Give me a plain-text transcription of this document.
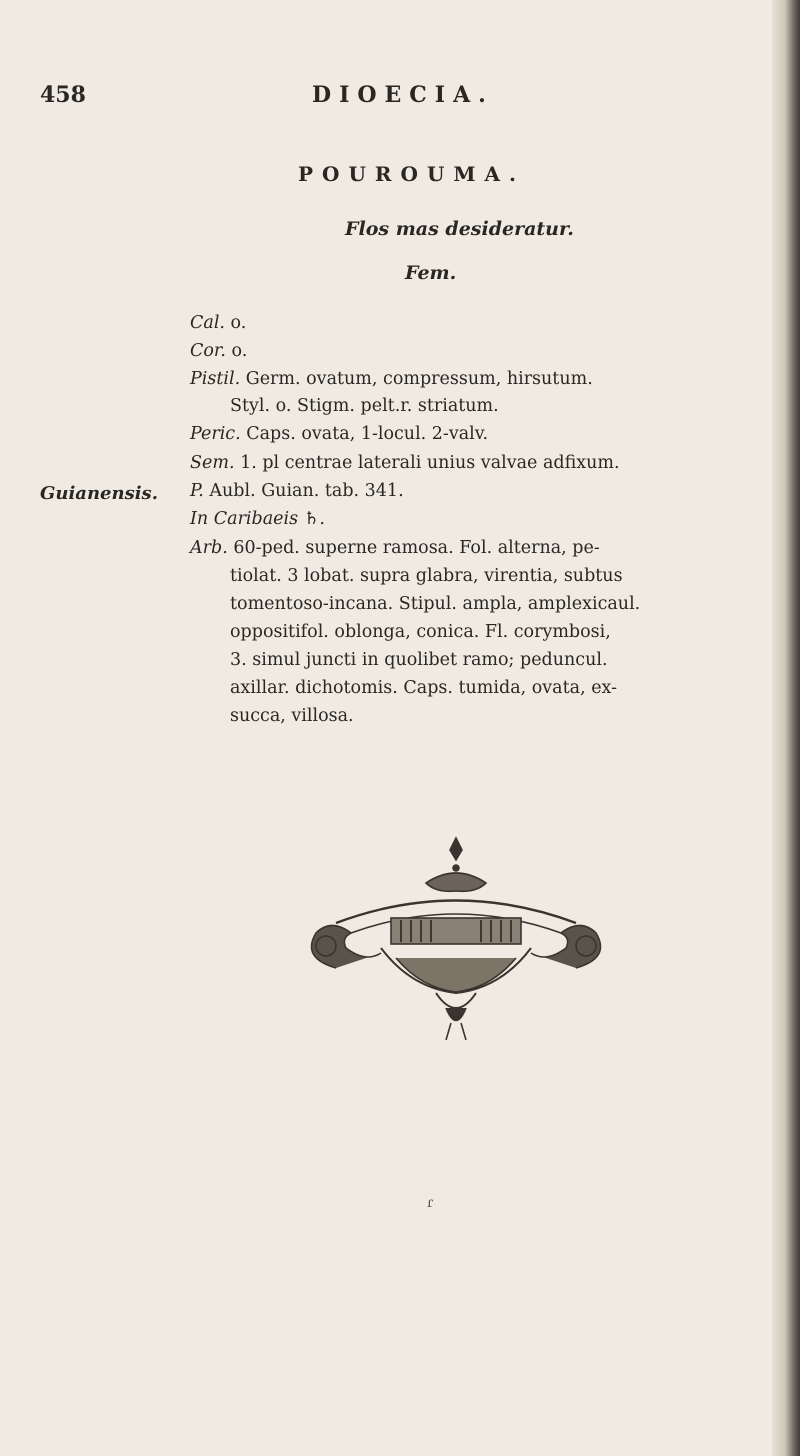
458	DIOECIA.
POUROUMA.
Flos mas desideratur.
Fem.
Cal. o.
Cor. o.
Pistil. Germ. ovatum, compressum, hirsutum.
Styl. o. Stigm. pelt.r. striatum.
Peric. Caps. ovata, 1-locul. 2-valv.
Sem. 1. pl centrae laterali unius valvae adfixum.
P. Aubl. Guian. tab. 341.
In Caribaeis ♄.
Arb. 60-ped. superne ramosa. Fol. alterna, pe-
tiolat. 3 lobat. supra glabra, virentia, subtus
tomentoso-incana. Stipul. ampla, amplexicaul.
oppositifol. oblonga, conica. Fl. corymbosi,
3. simul juncti in quolibet ramo; peduncul.
axillar. dichotomis. Caps. tumida, ovata, ex-
succa, villosa.
Guianensis.
ɾ
